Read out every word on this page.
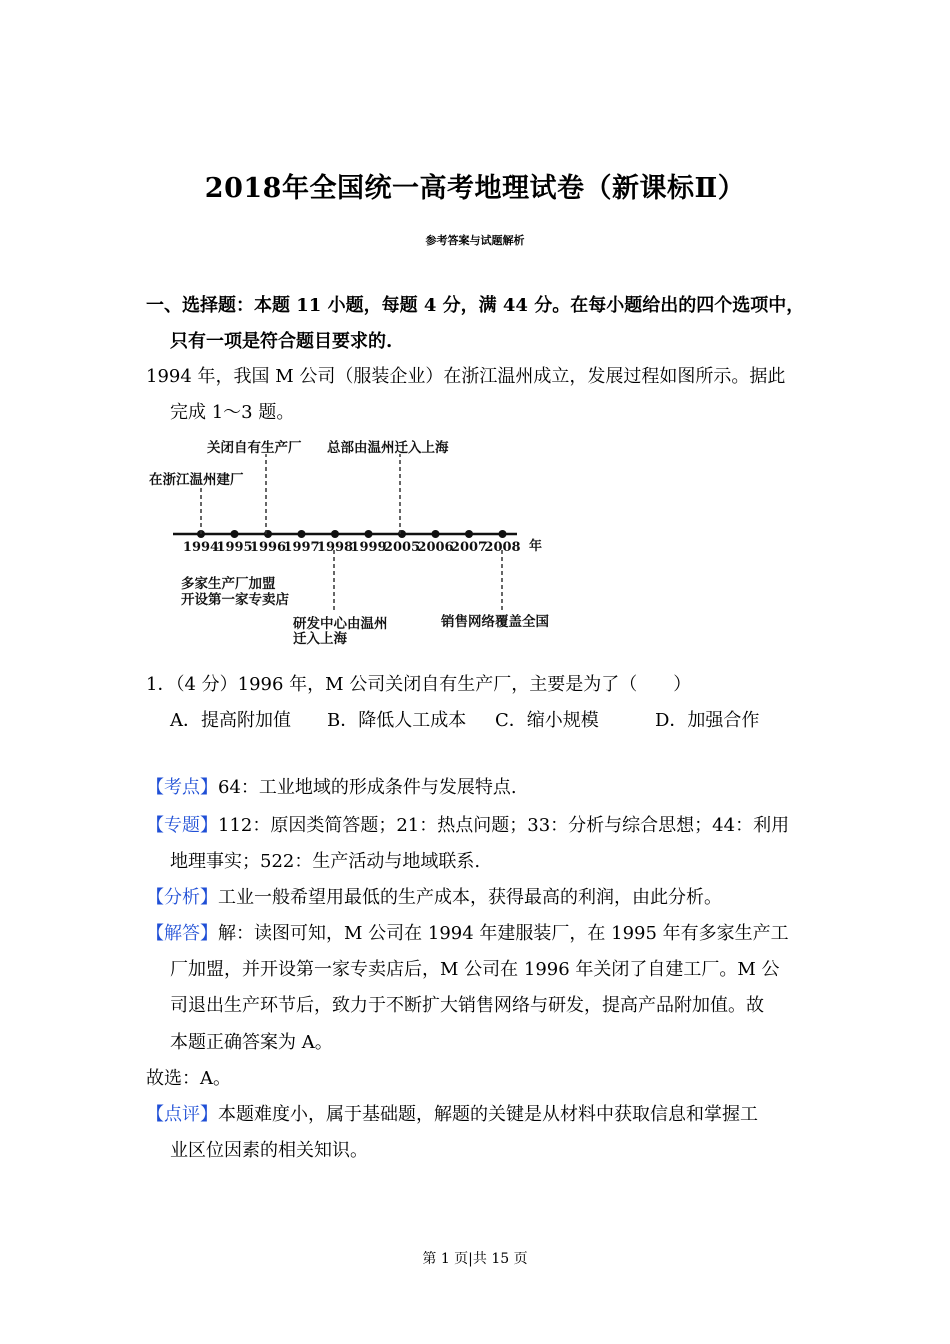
2018年全国统一高考地理试卷（新课标Ⅱ）
参考答案与试题解析
一、选择题：本题 11 小题，每题 4 分，满 44 分。在每小题给出的四个选项中，
只有一项是符合题目要求的.
1994 年，我国 M 公司（服装企业）在浙江温州成立，发展过程如图所示。据此
完成 1～3 题。
1994
1995
1996
1997
1998
1999
2005
2006
2007
2008
在浙江温州建厂
关闭自有生产厂 总部由温州迁入上海
多家生产厂加盟
开设第一家专卖店
研发中心由温州
迁入上海
销售网络覆盖全国
年
1．（4 分）1996 年，M 公司关闭自有生产厂，主要是为了（　　）
A．提高附加值 B．降低人工成本 C．缩小规模	D．加强合作
【考点】64：工业地域的形成条件与发展特点.
【专题】112：原因类简答题；21：热点问题；33：分析与综合思想；44：利用
地理事实；522：生产活动与地域联系.
【分析】工业一般希望用最低的生产成本，获得最高的利润，由此分析。
【解答】解：读图可知，M 公司在 1994 年建服装厂，在 1995 年有多家生产工
厂加盟，并开设第一家专卖店后，M 公司在 1996 年关闭了自建工厂。M 公
司退出生产环节后，致力于不断扩大销售网络与研发，提高产品附加值。故
本题正确答案为 A。
故选：A。
【点评】本题难度小，属于基础题，解题的关键是从材料中获取信息和掌握工
业区位因素的相关知识。
第 1 页|共 15 页
